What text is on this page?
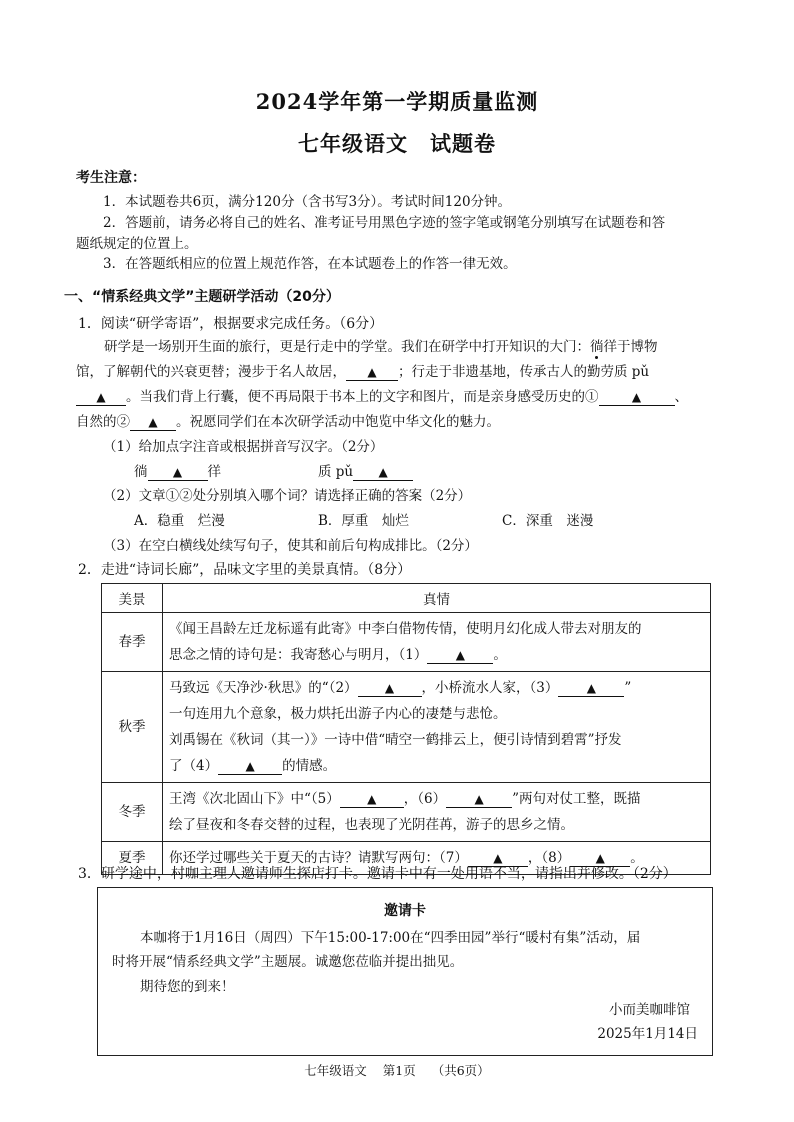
2024学年第一学期质量监测
七年级语文　试题卷
考生注意：
1．本试题卷共6页，满分120分（含书写3分）。考试时间120分钟。
2．答题前，请务必将自己的姓名、准考证号用黑色字迹的签字笔或钢笔分别填写在试题卷和答
题纸规定的位置上。
3．在答题纸相应的位置上规范作答，在本试题卷上的作答一律无效。
一、“情系经典文学”主题研学活动（20分）
1．阅读“研学寄语”，根据要求完成任务。（6分）
研学是一场别开生面的旅行，更是行走中的学堂。我们在研学中打开知识的大门：徜徉于博物
馆，了解朝代的兴衰更替；漫步于名人故居， ▲ ；行走于非遗基地，传承古人的勤劳质 pǔ
▲ 。当我们背上行囊，便不再局限于书本上的文字和图片，而是亲身感受历史的①	▲ 、
自然的② ▲ 。祝愿同学们在本次研学活动中饱览中华文化的魅力。
（1）给加点字注音或根据拼音写汉字。（2分）
徜 ▲ 徉	质 pǔ ▲
（2）文章①②处分别填入哪个词？请选择正确的答案（2分）
A．稳重　烂漫	B．厚重　灿烂	C．深重　迷漫
（3）在空白横线处续写句子，使其和前后句构成排比。（2分）
2．走进“诗词长廊”，品味文字里的美景真情。（8分）
美景	真情
春季	《闻王昌龄左迁龙标遥有此寄》中李白借物传情，使明月幻化成人带去对朋友的
思念之情的诗句是：我寄愁心与明月，（1） ▲ 。

秋季	马致远《天净沙·秋思》的“（2） ▲ ，小桥流水人家，（3） ▲ ”
一句连用九个意象，极力烘托出游子内心的凄楚与悲怆。
刘禹锡在《秋词（其一）》一诗中借“晴空一鹤排云上，便引诗情到碧霄”抒发
了（4） ▲ 的情感。

冬季	王湾《次北固山下》中“（5） ▲ ，（6） ▲ ”两句对仗工整，既描
绘了昼夜和冬春交替的过程，也表现了光阴荏苒，游子的思乡之情。

夏季	你还学过哪些关于夏天的古诗？请默写两句：（7） ▲ ，（8） ▲ 。
3．研学途中，村咖主理人邀请师生探店打卡。邀请卡中有一处用语不当，请指出并修改。（2分）
邀请卡
本咖将于1月16日（周四）下午15:00-17:00在“四季田园”举行“暖村有集”活动，届
时将开展“情系经典文学”主题展。诚邀您莅临并提出拙见。
期待您的到来！
小而美咖啡馆
2025年1月14日
七年级语文 第1页 （共6页）
